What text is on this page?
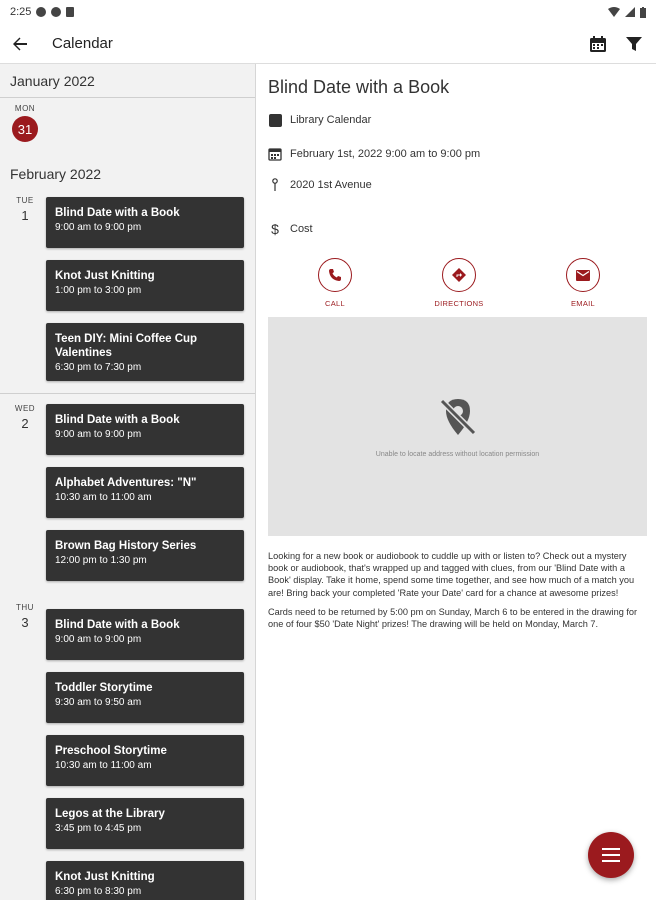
2:25
Calendar
January 2022
MON
31
February 2022
TUE
1	Blind Date with a Book
9:00 am to 9:00 pm
Knot Just Knitting
1:00 pm to 3:00 pm
Teen DIY: Mini Coffee Cup Valentines
6:30 pm to 7:30 pm
WED
2	Blind Date with a Book
9:00 am to 9:00 pm
Alphabet Adventures: "N"
10:30 am to 11:00 am
Brown Bag History Series
12:00 pm to 1:30 pm
THU
3	Blind Date with a Book
9:00 am to 9:00 pm
Toddler Storytime
9:30 am to 9:50 am
Preschool Storytime
10:30 am to 11:00 am
Legos at the Library
3:45 pm to 4:45 pm
Knot Just Knitting
6:30 pm to 8:30 pm
Blind Date with a Book
Library Calendar
February 1st, 2022 9:00 am to 9:00 pm
2020 1st Avenue
$ Cost
CALL	DIRECTIONS	EMAIL
Unable to locate address without location permission

Looking for a new book or audiobook to cuddle up with or listen to? Check out a mystery book or audiobook, that's wrapped up and tagged with clues, from our 'Blind Date with a Book' display. Take it home, spend some time together, and see how much of a match you are! Bring back your completed 'Rate your Date' card for a chance at awesome prizes!

Cards need to be returned by 5:00 pm on Sunday, March 6 to be entered in the drawing for one of four $50 'Date Night' prizes! The drawing will be held on Monday, March 7.
